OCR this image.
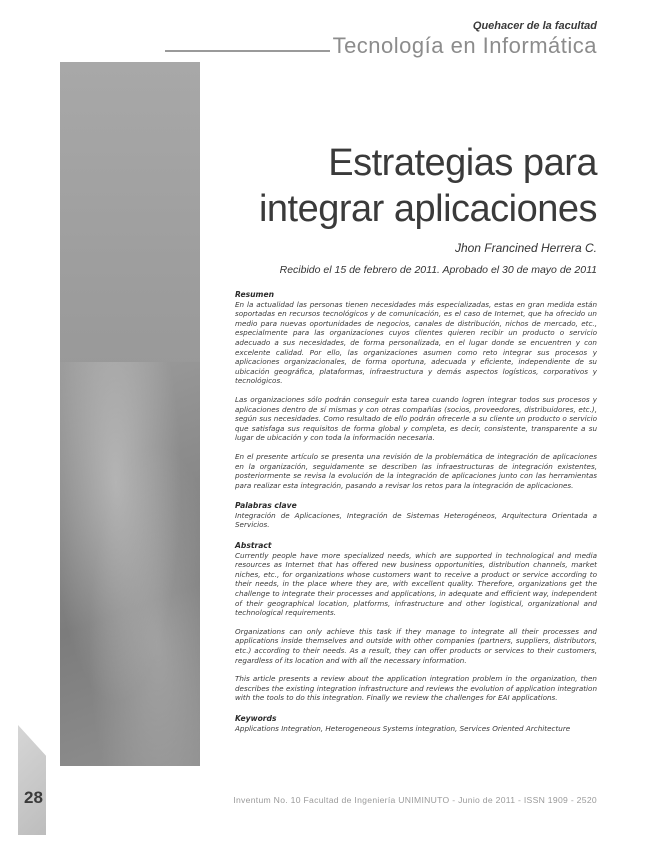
28
Quehacer de la facultad
Tecnología en Informática
Estrategias para
integrar aplicaciones
Jhon Francined Herrera C.
Recibido el 15 de febrero de 2011. Aprobado el 30 de mayo de 2011
Resumen

En la actualidad las personas tienen necesidades más especializadas, estas en gran medida están soportadas en recursos tecnológicos y de comunicación, es el caso de Internet, que ha ofrecido un medio para nuevas oportunidades de negocios, canales de distribución, nichos de mercado, etc., especialmente para las organizaciones cuyos clientes quieren recibir un producto o servicio adecuado a sus necesidades, de forma personalizada, en el lugar donde se encuentren y con excelente calidad. Por ello, las organizaciones asumen como reto integrar sus procesos y aplicaciones organizacionales, de forma oportuna, adecuada y eficiente, independiente de su ubicación geográfica, plataformas, infraestructura y demás aspectos logísticos, corporativos y tecnológicos.

Las organizaciones sólo podrán conseguir esta tarea cuando logren integrar todos sus procesos y aplicaciones dentro de sí mismas y con otras compañías (socios, proveedores, distribuidores, etc.), según sus necesidades. Como resultado de ello podrán ofrecerle a su cliente un producto o servicio que satisfaga sus requisitos de forma global y completa, es decir, consistente, transparente a su lugar de ubicación y con toda la información necesaria.

En el presente artículo se presenta una revisión de la problemática de integración de aplicaciones en la organización, seguidamente se describen las infraestructuras de integración existentes, posteriormente se revisa la evolución de la integración de aplicaciones junto con las herramientas para realizar esta integración, pasando a revisar los retos para la integración de aplicaciones.

Palabras clave

Integración de Aplicaciones, Integración de Sistemas Heterogéneos, Arquitectura Orientada a Servicios.

Abstract

Currently people have more specialized needs, which are supported in technological and media resources as Internet that has offered new business opportunities, distribution channels, market niches, etc., for organizations whose customers want to receive a product or service according to their needs, in the place where they are, with excellent quality. Therefore, organizations get the challenge to integrate their processes and applications, in adequate and efficient way, independent of their geographical location, platforms, infrastructure and other logistical, organizational and technological requirements.

Organizations can only achieve this task if they manage to integrate all their processes and applications inside themselves and outside with other companies (partners, suppliers, distributors, etc.) according to their needs. As a result, they can offer products or services to their customers, regardless of its location and with all the necessary information.

This article presents a review about the application integration problem in the organization, then describes the existing integration infrastructure and reviews the evolution of application integration with the tools to do this integration. Finally we review the challenges for EAI applications.

Keywords

Applications Integration, Heterogeneous Systems integration, Services Oriented Architecture

Inventum No. 10 Facultad de Ingeniería UNIMINUTO - Junio de 2011 - ISSN 1909 - 2520
